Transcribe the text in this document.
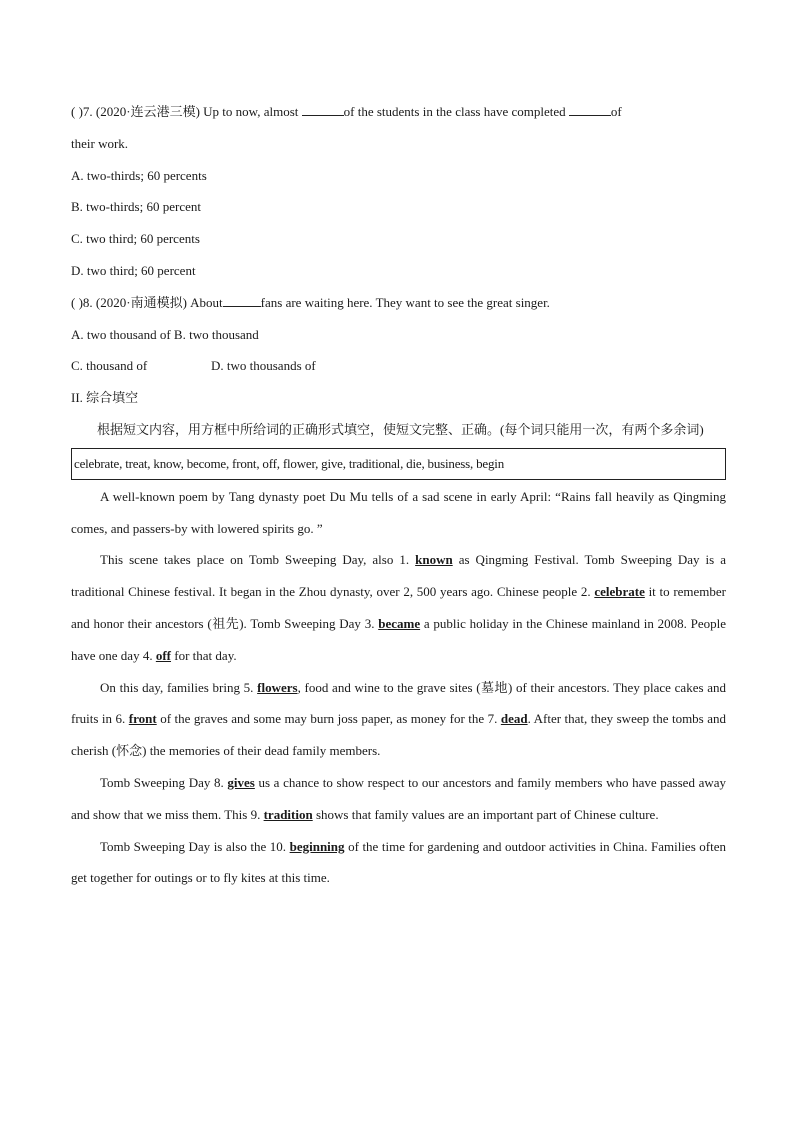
( )7. (2020·连云港三模) Up to now, almost	of the students in the class have completed	of
their work.
A. two-thirds; 60 percents
B. two-thirds; 60 percent
C. two third; 60 percents
D. two third; 60 percent
( )8. (2020·南通模拟) About	fans are waiting here. They want to see the great singer.
A. two thousand of B. two thousand
C. thousand of	D. two thousands of
II. 综合填空
根据短文内容，用方框中所给词的正确形式填空，使短文完整、正确。(每个词只能用一次，有两个多余词)
celebrate, treat, know, become, front, off, flower, give, traditional, die, business, begin
A well-known poem by Tang dynasty poet Du Mu tells of a sad scene in early April: “Rains fall heavily as Qingming comes, and passers-by with lowered spirits go. ”
This scene takes place on Tomb Sweeping Day, also 1. known as Qingming Festival. Tomb Sweeping Day is a traditional Chinese festival. It began in the Zhou dynasty, over 2, 500 years ago. Chinese people 2. celebrate it to remember and honor their ancestors (祖先). Tomb Sweeping Day 3. became a public holiday in the Chinese mainland in 2008. People have one day 4. off for that day.
On this day, families bring 5. flowers, food and wine to the grave sites (墓地) of their ancestors. They place cakes and fruits in 6. front of the graves and some may burn joss paper, as money for the 7. dead. After that, they sweep the tombs and cherish (怀念) the memories of their dead family members.
Tomb Sweeping Day 8. gives us a chance to show respect to our ancestors and family members who have passed away and show that we miss them. This 9. tradition shows that family values are an important part of Chinese culture.
Tomb Sweeping Day is also the 10. beginning of the time for gardening and outdoor activities in China. Families often get together for outings or to fly kites at this time.
